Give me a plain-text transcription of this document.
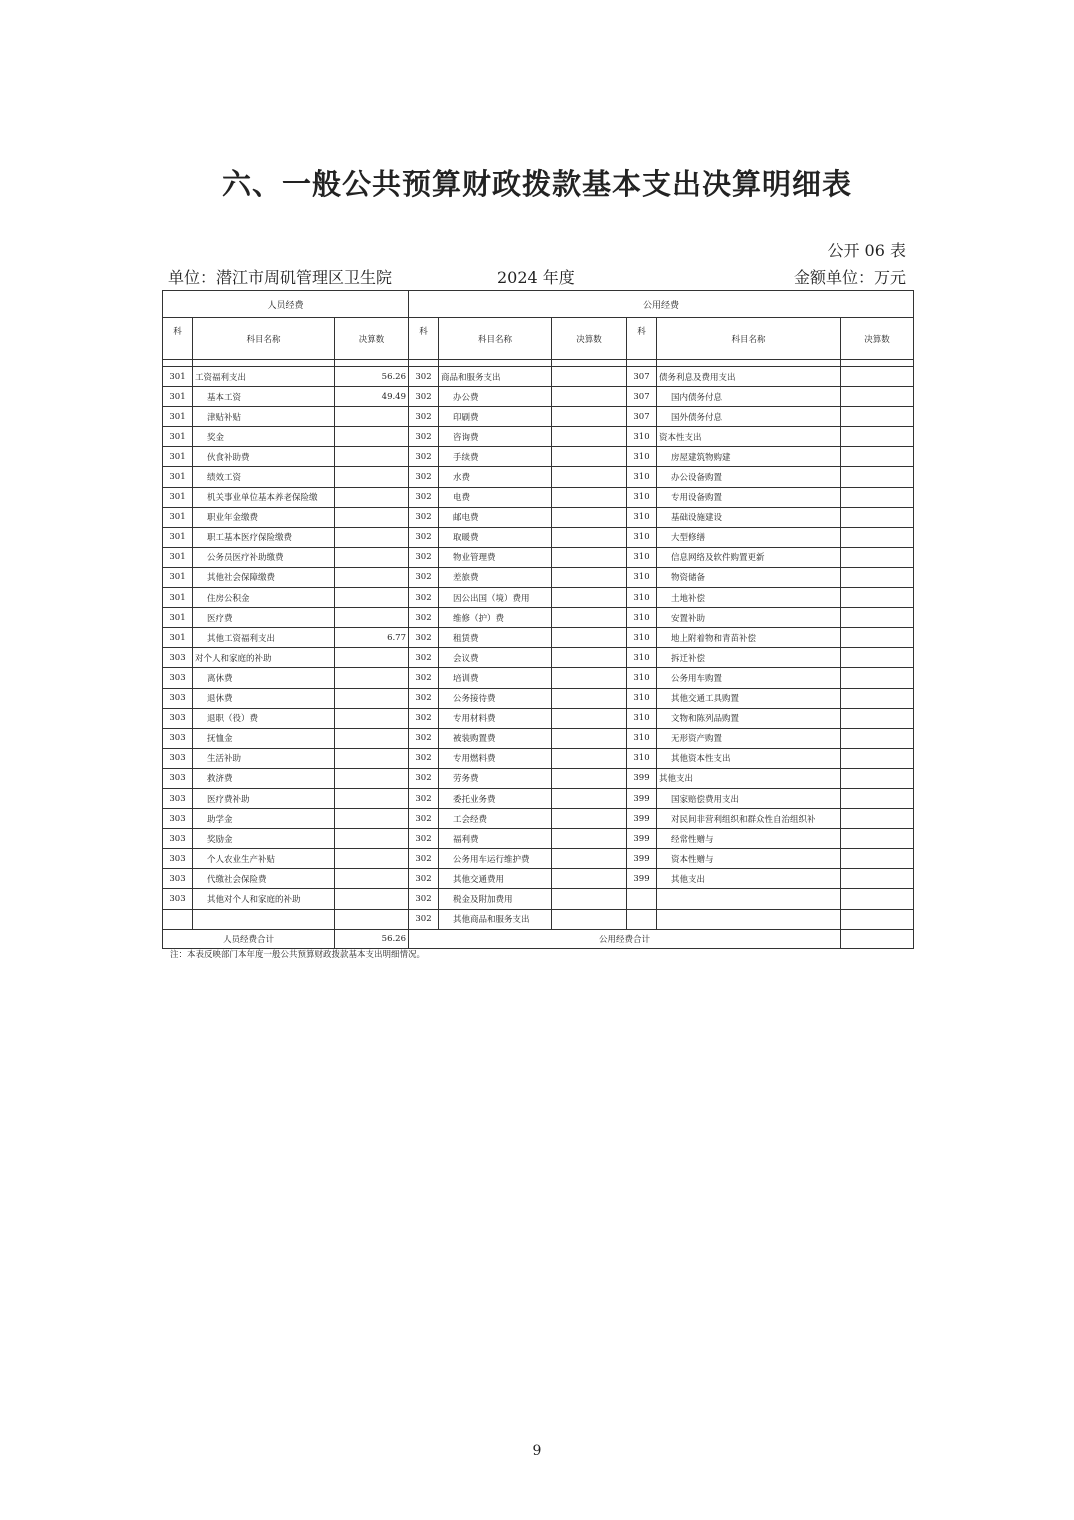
六、一般公共预算财政拨款基本支出决算明细表
公开 06 表
单位：潜江市周矶管理区卫生院	2024 年度	金额单位：万元
人员经费			公用经费					
科	科目名称	决算数	科	科目名称	决算数	科	科目名称	决算数

301	工资福利支出	56.26	302	商品和服务支出		307	债务利息及费用支出	
301	基本工资	49.49	302	办公费		307	国内债务付息	
301	津贴补贴		302	印刷费		307	国外债务付息	
301	奖金		302	咨询费		310	资本性支出	
301	伙食补助费		302	手续费		310	房屋建筑物购建	
301	绩效工资		302	水费		310	办公设备购置	
301	机关事业单位基本养老保险缴		302	电费		310	专用设备购置	
301	职业年金缴费		302	邮电费		310	基础设施建设	
301	职工基本医疗保险缴费		302	取暖费		310	大型修缮	
301	公务员医疗补助缴费		302	物业管理费		310	信息网络及软件购置更新	
301	其他社会保障缴费		302	差旅费		310	物资储备	
301	住房公积金		302	因公出国（境）费用		310	土地补偿	
301	医疗费		302	维修（护）费		310	安置补助	
301	其他工资福利支出	6.77	302	租赁费		310	地上附着物和青苗补偿	
303	对个人和家庭的补助		302	会议费		310	拆迁补偿	
303	离休费		302	培训费		310	公务用车购置	
303	退休费		302	公务接待费		310	其他交通工具购置	
303	退职（役）费		302	专用材料费		310	文物和陈列品购置	
303	抚恤金		302	被装购置费		310	无形资产购置	
303	生活补助		302	专用燃料费		310	其他资本性支出	
303	救济费		302	劳务费		399	其他支出	
303	医疗费补助		302	委托业务费		399	国家赔偿费用支出	
303	助学金		302	工会经费		399	对民间非营利组织和群众性自治组织补	
303	奖励金		302	福利费		399	经常性赠与	
303	个人农业生产补贴		302	公务用车运行维护费		399	资本性赠与	
303	代缴社会保险费		302	其他交通费用		399	其他支出	
303	其他对个人和家庭的补助		302	税金及附加费用				
			302	其他商品和服务支出				
人员经费合计		56.26	公用经费合计					
注：本表反映部门本年度一般公共预算财政拨款基本支出明细情况。
9
